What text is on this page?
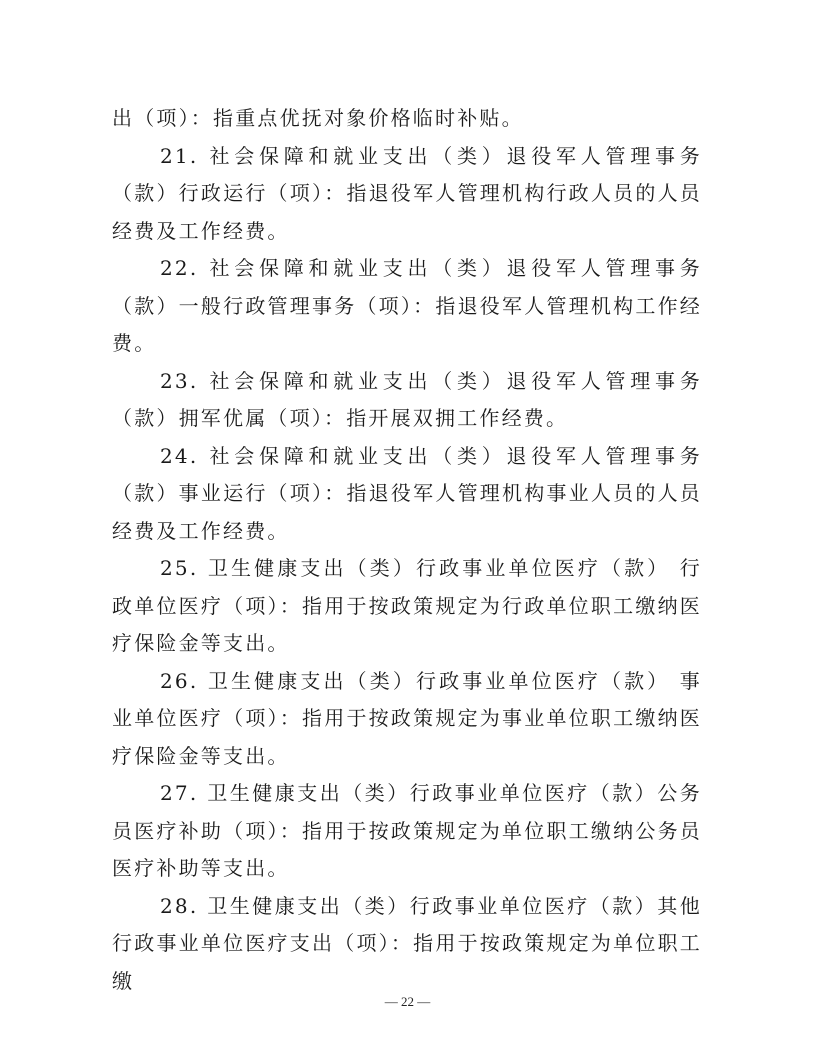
出（项）：指重点优抚对象价格临时补贴。

21. 社会保障和就业支出（类）退役军人管理事务（款）行政运行（项）：指退役军人管理机构行政人员的人员经费及工作经费。

22. 社会保障和就业支出（类）退役军人管理事务（款）一般行政管理事务（项）：指退役军人管理机构工作经费。

23. 社会保障和就业支出（类）退役军人管理事务（款）拥军优属（项）：指开展双拥工作经费。

24. 社会保障和就业支出（类）退役军人管理事务（款）事业运行（项）：指退役军人管理机构事业人员的人员经费及工作经费。

25. 卫生健康支出（类）行政事业单位医疗（款） 行政单位医疗（项）：指用于按政策规定为行政单位职工缴纳医疗保险金等支出。

26. 卫生健康支出（类）行政事业单位医疗（款） 事业单位医疗（项）：指用于按政策规定为事业单位职工缴纳医疗保险金等支出。

27. 卫生健康支出（类）行政事业单位医疗（款）公务员医疗补助（项）：指用于按政策规定为单位职工缴纳公务员医疗补助等支出。

28. 卫生健康支出（类）行政事业单位医疗（款）其他行政事业单位医疗支出（项）：指用于按政策规定为单位职工缴

— 22 —
